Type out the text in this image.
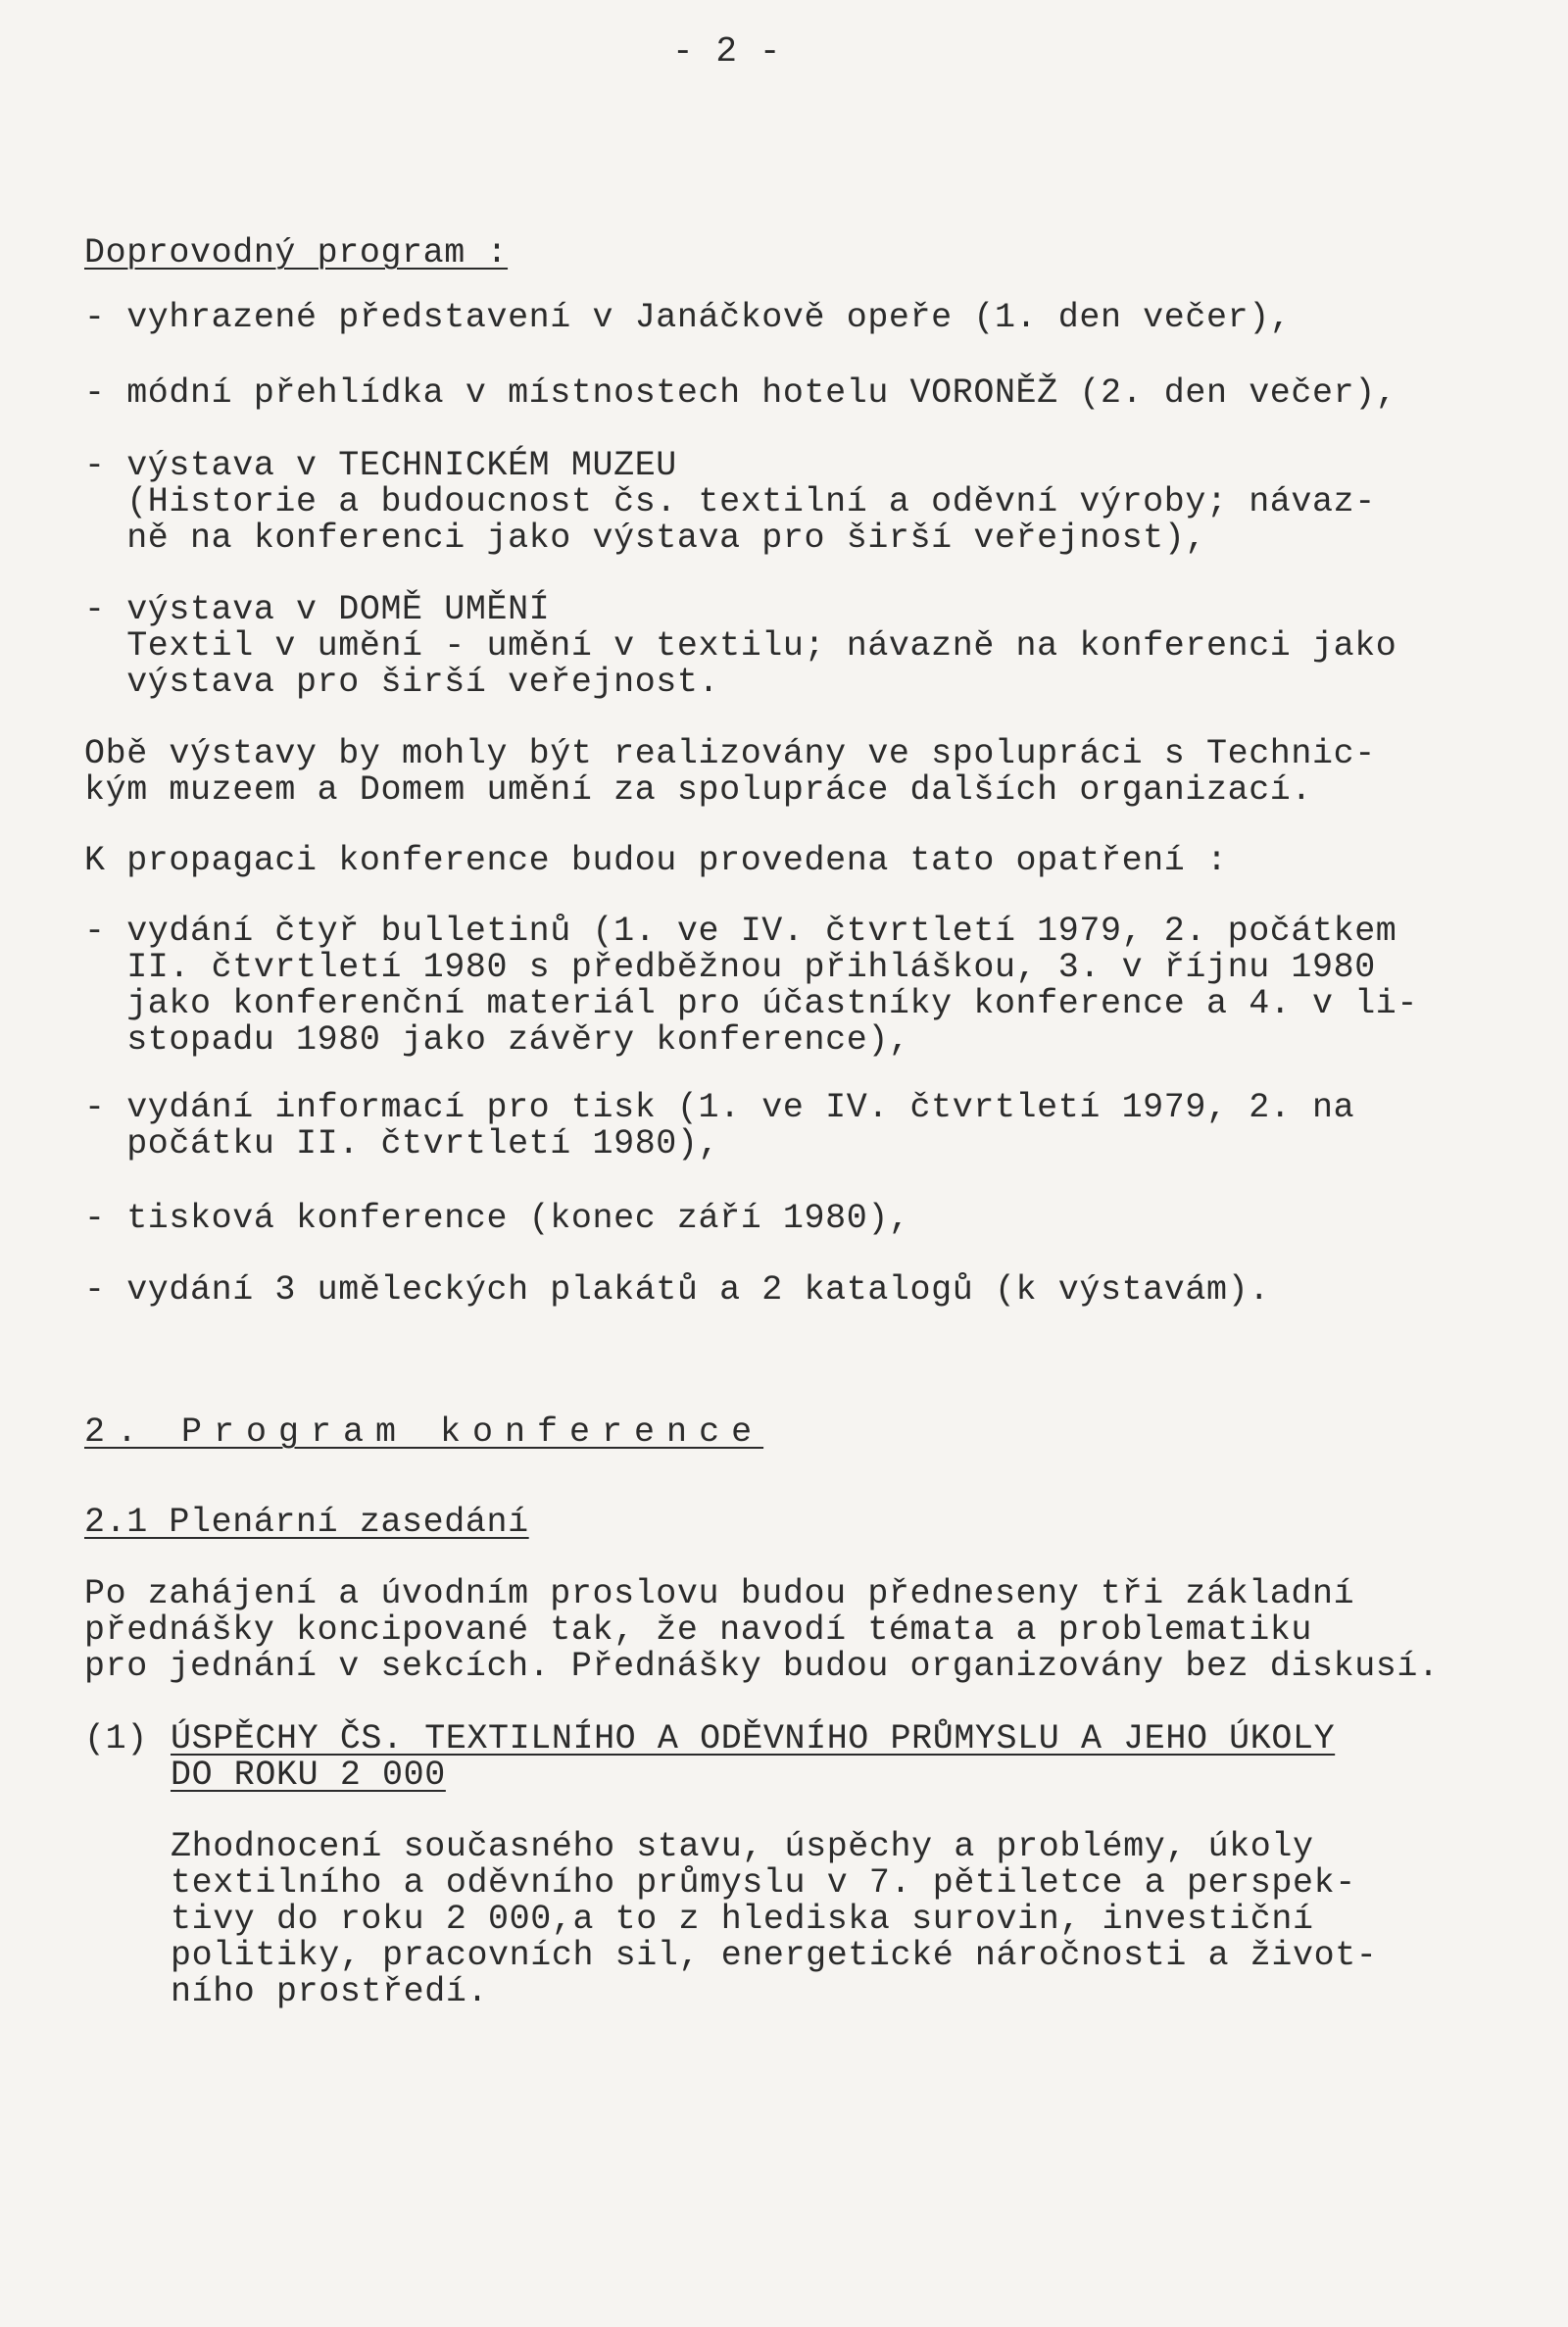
- 2 -
Doprovodný program :
- vyhrazené představení v Janáčkově opeře (1. den večer),
- módní přehlídka v místnostech hotelu VORONĚŽ (2. den večer),
- výstava v TECHNICKÉM MUZEU
(Historie a budoucnost čs. textilní a oděvní výroby; návaz-
ně na konferenci jako výstava pro širší veřejnost),
- výstava v DOMĚ UMĚNÍ
Textil v umění - umění v textilu; návazně na konferenci jako
výstava pro širší veřejnost.
Obě výstavy by mohly být realizovány ve spolupráci s Technic-
kým muzeem a Domem umění za spolupráce dalších organizací.
K propagaci konference budou provedena tato opatření :
- vydání čtyř bulletinů (1. ve IV. čtvrtletí 1979, 2. počátkem
II. čtvrtletí 1980 s předběžnou přihláškou, 3. v říjnu 1980
jako konferenční materiál pro účastníky konference a 4. v li-
stopadu 1980 jako závěry konference),
- vydání informací pro tisk (1. ve IV. čtvrtletí 1979, 2. na
počátku II. čtvrtletí 1980),
- tisková konference (konec září 1980),
- vydání 3 uměleckých plakátů a 2 katalogů (k výstavám).
2. Program konference
2.1 Plenární zasedání
Po zahájení a úvodním proslovu budou předneseny tři základní
přednášky koncipované tak, že navodí témata a problematiku
pro jednání v sekcích. Přednášky budou organizovány bez diskusí.
(1) ÚSPĚCHY ČS. TEXTILNÍHO A ODĚVNÍHO PRŮMYSLU A JEHO ÚKOLY
DO ROKU 2 000
Zhodnocení současného stavu, úspěchy a problémy, úkoly
textilního a oděvního průmyslu v 7. pětiletce a perspek-
tivy do roku 2 000,a to z hlediska surovin, investiční
politiky, pracovních sil, energetické náročnosti a život-
ního prostředí.
